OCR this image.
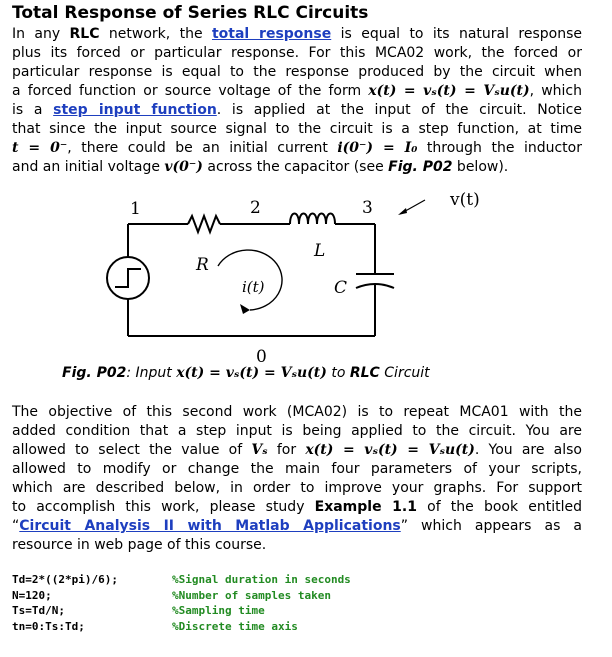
Total Response of Series RLC Circuits
In any RLC network, the total response is equal to its natural response
plus its forced or particular response. For this MCA02 work, the forced or
particular response is equal to the response produced by the circuit when
a forced function or source voltage of the form x(t) = vₛ(t) = Vₛu(t), which
is a step input function. is applied at the input of the circuit. Notice
that since the input source signal to the circuit is a step function, at time
t = 0⁻, there could be an initial current i(0⁻) = I₀ through the inductor
and an initial voltage v(0⁻) across the capacitor (see Fig. P02 below).
1	2	3	v(t)
R
L
C
i(t)
0
Fig. P02: Input x(t) = vₛ(t) = Vₛu(t) to RLC Circuit
The objective of this second work (MCA02) is to repeat MCA01 with the
added condition that a step input is being applied to the circuit. You are
allowed to select the value of Vₛ for x(t) = vₛ(t) = Vₛu(t). You are also
allowed to modify or change the main four parameters of your scripts,
which are described below, in order to improve your graphs. For support
to accomplish this work, please study Example 1.1 of the book entitled
“Circuit Analysis II with Matlab Applications” which appears as a
resource in web page of this course.
Td=2*((2*pi)/6);	%Signal duration in seconds
N=120;	%Number of samples taken
Ts=Td/N;	%Sampling time
tn=0:Ts:Td;	%Discrete time axis
